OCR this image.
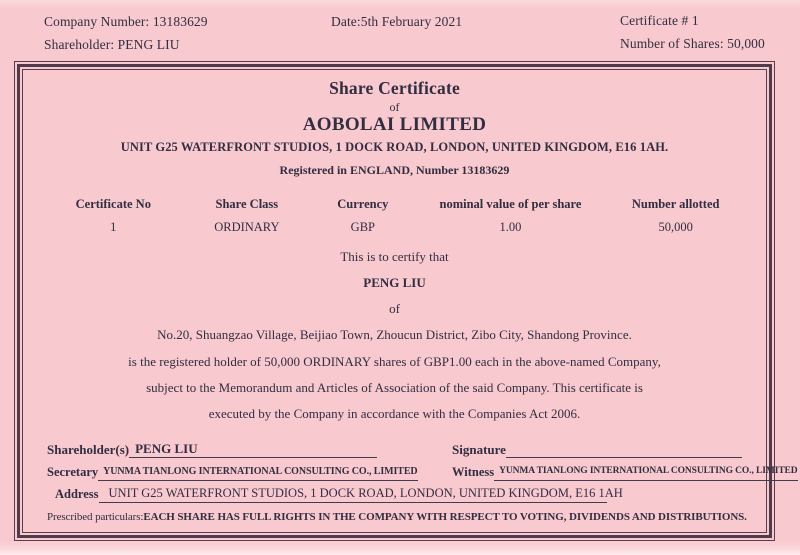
Company Number: 13183629
Shareholder: PENG LIU
Date:5th February 2021	Certificate # 1
Number of Shares: 50,000
Share Certificate
of
AOBOLAI LIMITED
UNIT G25 WATERFRONT STUDIOS, 1 DOCK ROAD, LONDON, UNITED KINGDOM, E16 1AH.
Registered in ENGLAND, Number 13183629
Certificate No	Share Class	Currency	nominal value of per share	Number allotted
1	ORDINARY	GBP	1.00	50,000
This is to certify that
PENG LIU
of
No.20, Shuangzao Village, Beijiao Town, Zhoucun District, Zibo City, Shandong Province.
is the registered holder of 50,000 ORDINARY shares of GBP1.00 each in the above-named Company,
subject to the Memorandum and Articles of Association of the said Company. This certificate is
executed by the Company in accordance with the Companies Act 2006.
Shareholder(s) PENG LIU	Signature
Secretary YUNMA TIANLONG INTERNATIONAL CONSULTING CO., LIMITED	Witness YUNMA TIANLONG INTERNATIONAL CONSULTING CO., LIMITED
Address UNIT G25 WATERFRONT STUDIOS, 1 DOCK ROAD, LONDON, UNITED KINGDOM, E16 1AH
Prescribed particulars: EACH SHARE HAS FULL RIGHTS IN THE COMPANY WITH RESPECT TO VOTING, DIVIDENDS AND DISTRIBUTIONS.
